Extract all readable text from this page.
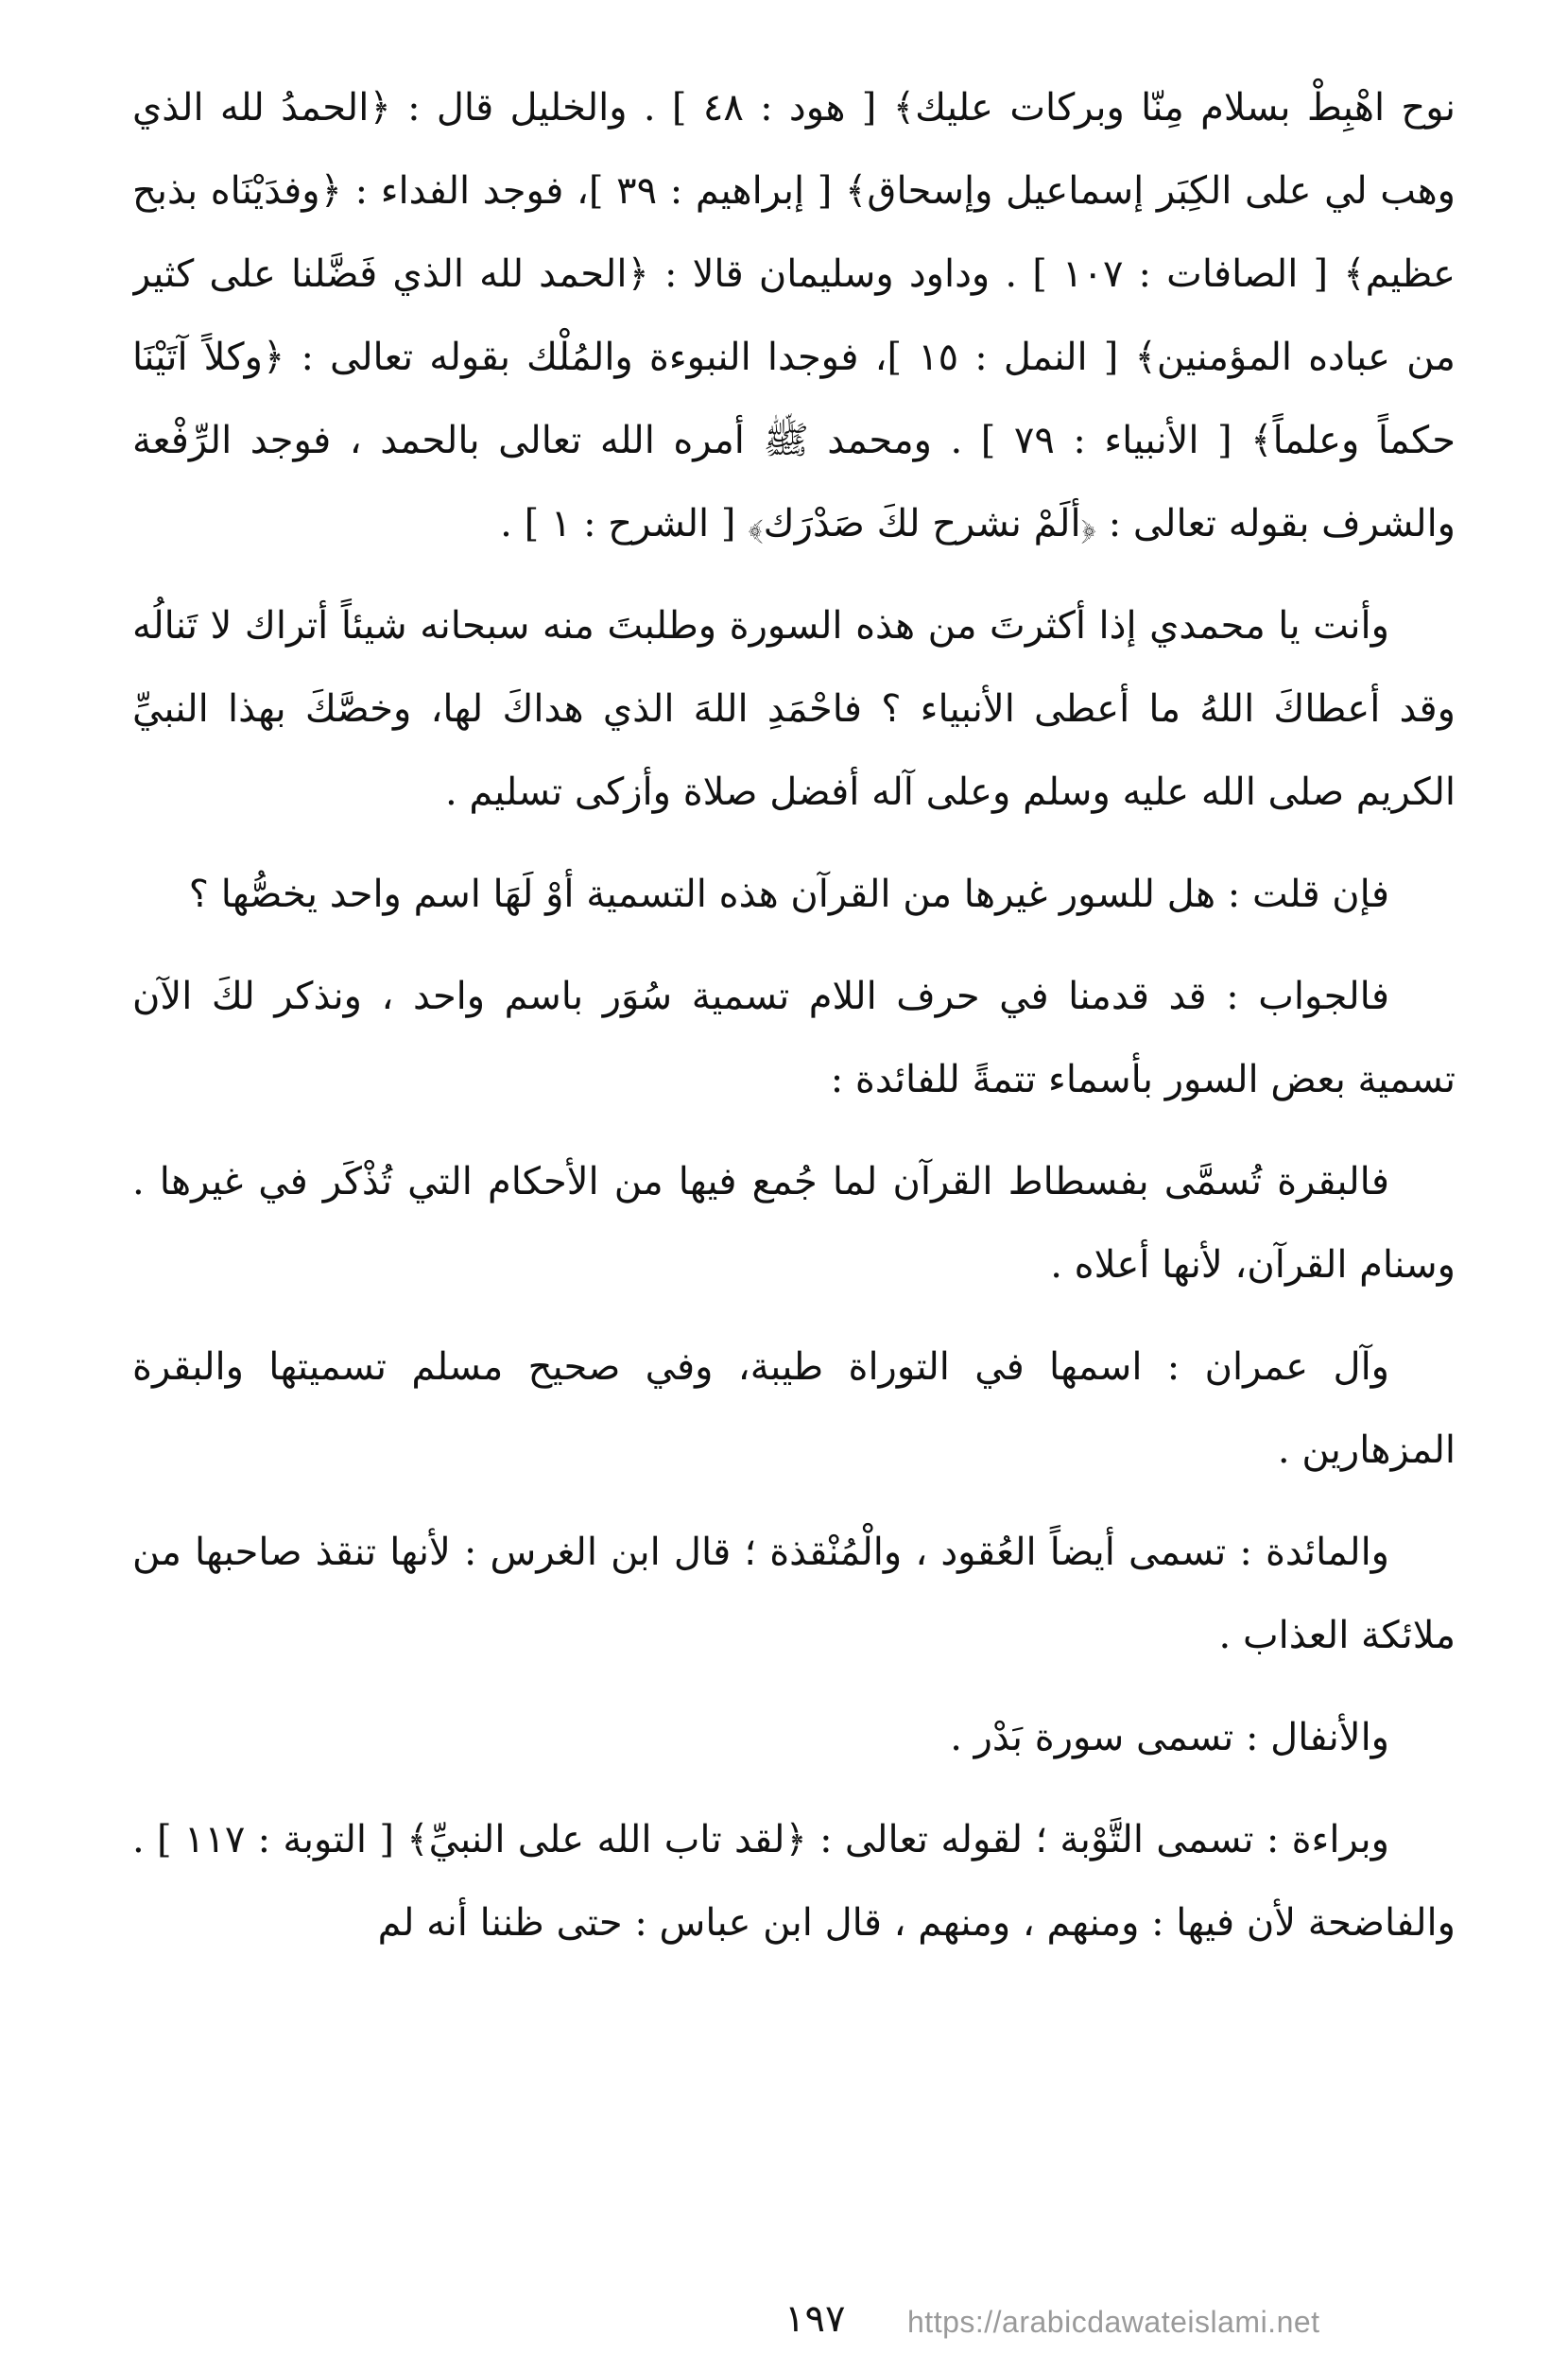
نوح اهْبِطْ بسلام مِنّا وبركات عليك﴾ [ هود : ٤٨ ] . والخليل قال : ﴿الحمدُ لله الذي وهب لي على الكِبَر إسماعيل وإسحاق﴾ [ إبراهيم : ٣٩ ]، فوجد الفداء : ﴿وفدَيْنَاه بذبح عظيم﴾ [ الصافات : ١٠٧ ] . وداود وسليمان قالا : ﴿الحمد لله الذي فَضَّلنا على كثير من عباده المؤمنين﴾ [ النمل : ١٥ ]، فوجدا النبوءة والمُلْك بقوله تعالى : ﴿وكلاً آتَيْنَا حكماً وعلماً﴾ [ الأنبياء : ٧٩ ] . ومحمد ﷺ أمره الله تعالى بالحمد ، فوجد الرِّفْعة والشرف بقوله تعالى : ﴿ألَمْ نشرح لكَ صَدْرَك﴾ [ الشرح : ١ ] .

وأنت يا محمدي إذا أكثرتَ من هذه السورة وطلبتَ منه سبحانه شيئاً أتراك لا تَنالُه وقد أعطاكَ اللهُ ما أعطى الأنبياء ؟ فاحْمَدِ اللهَ الذي هداكَ لها، وخصَّكَ بهذا النبيِّ الكريم صلى الله عليه وسلم وعلى آله أفضل صلاة وأزكى تسليم .

فإن قلت : هل للسور غيرها من القرآن هذه التسمية أوْ لَهَا اسم واحد يخصُّها ؟

فالجواب : قد قدمنا في حرف اللام تسمية سُوَر باسم واحد ، ونذكر لكَ الآن تسمية بعض السور بأسماء تتمةً للفائدة :

فالبقرة تُسمَّى بفسطاط القرآن لما جُمع فيها من الأحكام التي تُذْكَر في غيرها . وسنام القرآن، لأنها أعلاه .

وآل عمران : اسمها في التوراة طيبة، وفي صحيح مسلم تسميتها والبقرة المزهارين .

والمائدة : تسمى أيضاً العُقود ، والْمُنْقذة ؛ قال ابن الغرس : لأنها تنقذ صاحبها من ملائكة العذاب .

والأنفال : تسمى سورة بَدْر .

وبراءة : تسمى التَّوْبة ؛ لقوله تعالى : ﴿لقد تاب الله على النبيِّ﴾ [ التوبة : ١١٧ ] . والفاضحة لأن فيها : ومنهم ، ومنهم ، قال ابن عباس : حتى ظننا أنه لم

١٩٧ https://arabicdawateislami.net
